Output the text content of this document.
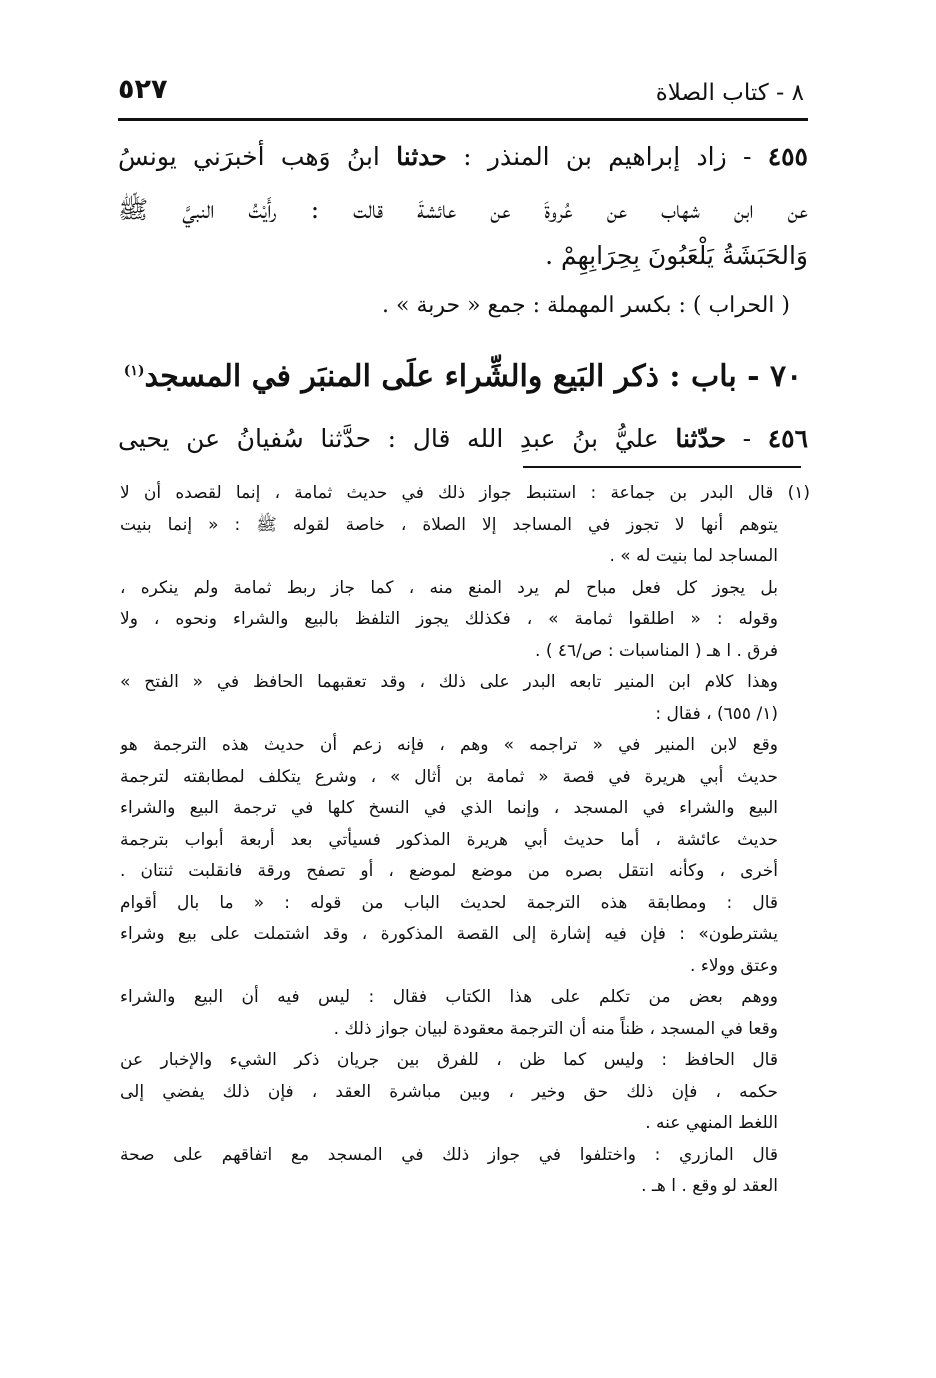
٨ - كتاب الصلاة
٥٢٧
٤٥٥ - زاد إبراهيم بن المنذر : حدثنا ابنُ وَهب أخبرَني يونسُ
عن ابن شهاب عن عُروةَ عن عائشةَ قالت : رأَيْتُ النبيَّ ﷺ
وَالحَبَشَةُ يَلْعَبُونَ بِحِرَابِهِمْ .
( الحراب ) : بكسر المهملة : جمع « حربة » .
٧٠ - باب : ذكر البَيع والشِّراء علَى المنبَر في المسجد$^{(١)}$
٤٥٦ - حدّثنا عليُّ بنُ عبدِ الله قال : حدَّثنا سُفيانُ عن يحيى
(١) قال البدر بن جماعة : استنبط جواز ذلك في حديث ثمامة ، إنما لقصده أن لا
يتوهم أنها لا تجوز في المساجد إلا الصلاة ، خاصة لقوله ﷺ : « إنما بنيت
المساجد لما بنيت له » .
بل يجوز كل فعل مباح لم يرد المنع منه ، كما جاز ربط ثمامة ولم ينكره ،
وقوله : « اطلقوا ثمامة » ، فكذلك يجوز التلفظ بالبيع والشراء ونحوه ، ولا
فرق . ا هـ ( المناسبات : ص/٤٦ ) .
وهذا كلام ابن المنير تابعه البدر على ذلك ، وقد تعقبهما الحافظ في « الفتح »
(١/ ٦٥٥) ، فقال :
وقع لابن المنير في « تراجمه » وهم ، فإنه زعم أن حديث هذه الترجمة هو
حديث أبي هريرة في قصة « ثمامة بن أثال » ، وشرع يتكلف لمطابقته لترجمة
البيع والشراء في المسجد ، وإنما الذي في النسخ كلها في ترجمة البيع والشراء
حديث عائشة ، أما حديث أبي هريرة المذكور فسيأتي بعد أربعة أبواب بترجمة
أخرى ، وكأنه انتقل بصره من موضع لموضع ، أو تصفح ورقة فانقلبت ثنتان .
قال : ومطابقة هذه الترجمة لحديث الباب من قوله : « ما بال أقوام
يشترطون» : فإن فيه إشارة إلى القصة المذكورة ، وقد اشتملت على بيع وشراء
وعتق وولاء .
ووهم بعض من تكلم على هذا الكتاب فقال : ليس فيه أن البيع والشراء
وقعا في المسجد ، ظناً منه أن الترجمة معقودة لبيان جواز ذلك .
قال الحافظ : وليس كما ظن ، للفرق بين جريان ذكر الشيء والإخبار عن
حكمه ، فإن ذلك حق وخير ، وبين مباشرة العقد ، فإن ذلك يفضي إلى
اللغط المنهي عنه .
قال المازري : واختلفوا في جواز ذلك في المسجد مع اتفاقهم على صحة
العقد لو وقع . ا هـ .
